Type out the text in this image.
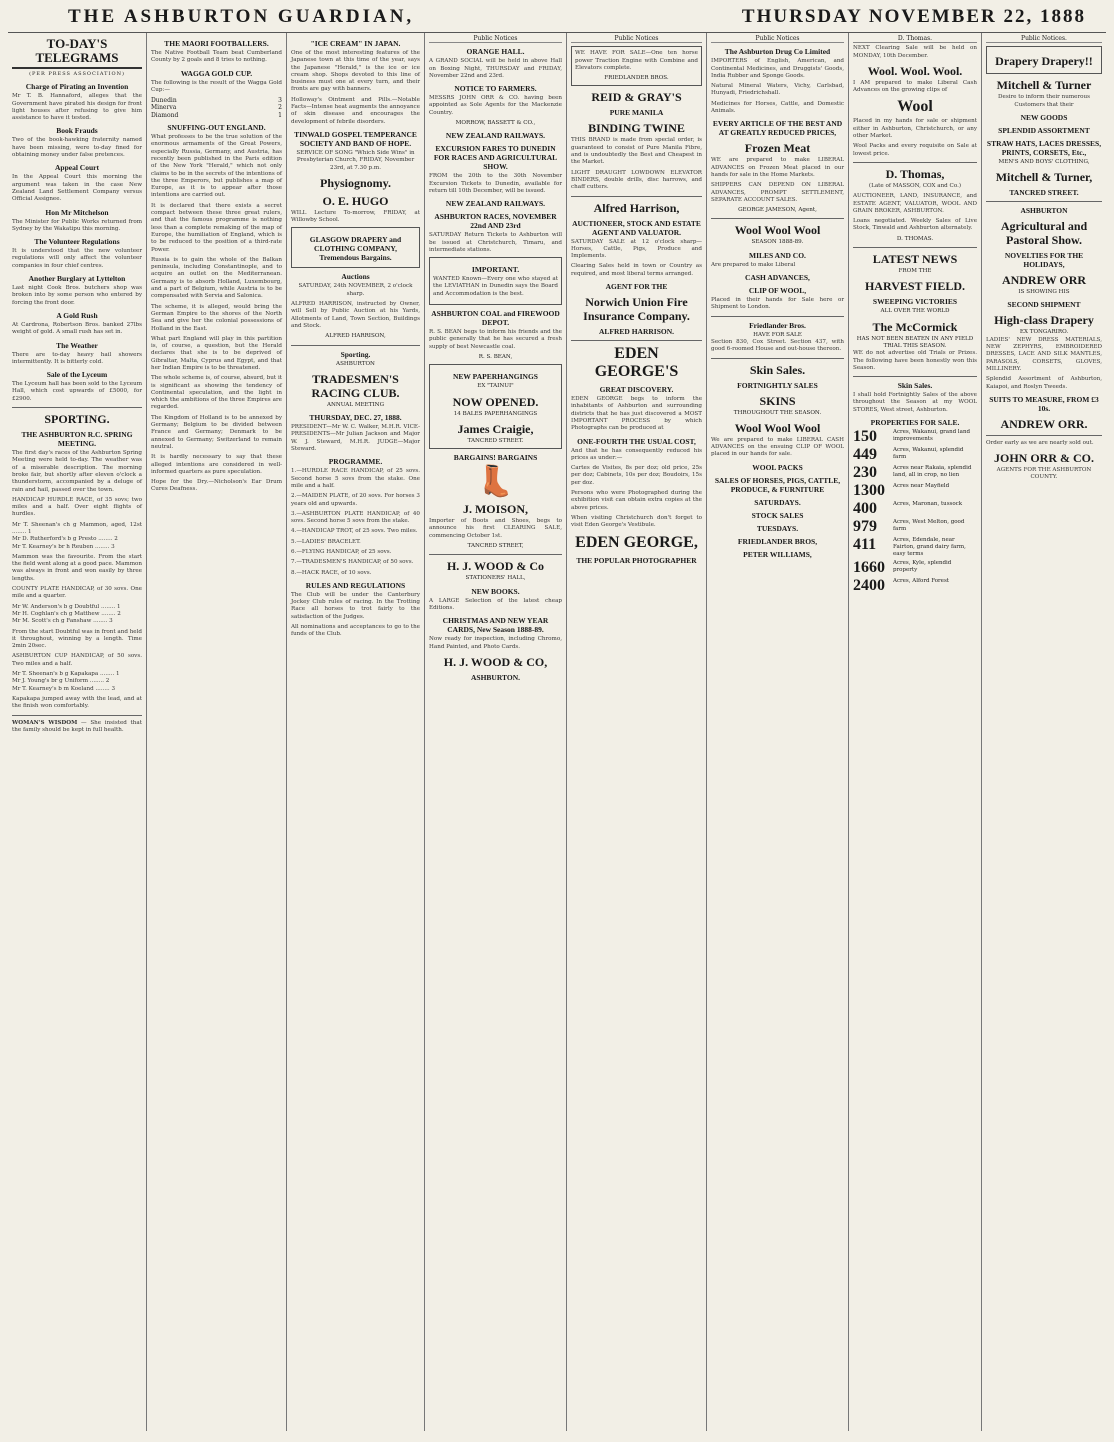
THE ASHBURTON GUARDIAN,	THURSDAY NOVEMBER 22, 1888
TO-DAY'S TELEGRAMS
(PER PRESS ASSOCIATION)
Charge of Pirating an Invention

Mr T. B. Hannaford, alleges that the Government have pirated his design for front light houses after refusing to give him assistance to have it tested.

Book Frauds

Two of the book-hawking fraternity named have been missing, were to-day fined for obtaining money under false pretences.

Appeal Court

In the Appeal Court this morning the argument was taken in the case New Zealand Land Settlement Company versus Official Assignee.

Hon Mr Mitchelson

The Minister for Public Works returned from Sydney by the Wakatipu this morning.

The Volunteer Regulations

It is understood that the new volunteer regulations will only affect the volunteer companies in four chief centres.

Another Burglary at Lyttelton

Last night Cook Bros. butchers shop was broken into by some person who entered by forcing the front door.

A Gold Rush

At Cardrona, Robertson Bros. banked 27lbs weight of gold. A small rush has set in.

The Weather

There are to-day heavy hail showers intermittently. It is bitterly cold.

Sale of the Lyceum

The Lyceum hall has been sold to the Lyceum Hall, which cost upwards of £5000, for £2900.

SPORTING.
THE ASHBURTON R.C. SPRING MEETING.

The first day's races of the Ashburton Spring Meeting were held to-day. The weather was of a miserable description. The morning broke fair, but shortly after eleven o'clock a thunderstorm, accompanied by a deluge of rain and hail, passed over the town.

HANDICAP HURDLE RACE, of 35 sovs; two miles and a half. Over eight flights of hurdles.

Mr T. Sheenan's ch g Mammon, aged, 12st ........ 1
Mr D. Rutherford's b g Presto ........ 2
Mr T. Kearney's br h Reuben ........ 3

Mammon was the favourite. From the start the field went along at a good pace. Mammon was always in front and won easily by three lengths.

COUNTY PLATE HANDICAP, of 30 sovs. One mile and a quarter.

Mr W. Anderson's b g Doubtful ........ 1
Mr H. Coghlan's ch g Matthew ........ 2
Mr M. Scott's ch g Fanshaw ........ 3

From the start Doubtful was in front and held it throughout, winning by a length. Time 2min 20sec.

ASHBURTON CUP HANDICAP, of 50 sovs. Two miles and a half.

Mr T. Sheenan's b g Kapakapa ........ 1
Mr J. Young's br g Uniform ........ 2
Mr T. Kearney's b m Koeland ........ 3

Kapakapa jumped away with the lead, and at the finish won comfortably.

WOMAN'S WISDOM — She insisted that the family should be kept in full health.

THE MAORI FOOTBALLERS.

The Native Football Team beat Cumberland County by 2 goals and 8 tries to nothing.

WAGGA GOLD CUP.

The following is the result of the Wagga Gold Cup:—

Dunedin	3
Minerva	2
Diamond	1
SNUFFING-OUT ENGLAND.

What professes to be the true solution of the enormous armaments of the Great Powers, especially Russia, Germany, and Austria, has recently been published in the Paris edition of the New York "Herald," which not only claims to be in the secrets of the intentions of the three Emperors, but publishes a map of Europe, as it is to appear after those intentions are carried out.

It is declared that there exists a secret compact between these three great rulers, and that the famous programme is nothing less than a complete remaking of the map of Europe, the humiliation of England, which is to be reduced to the position of a third-rate Power.

Russia is to gain the whole of the Balkan peninsula, including Constantinople, and to acquire an outlet on the Mediterranean. Germany is to absorb Holland, Luxembourg, and a part of Belgium, while Austria is to be compensated with Servia and Salonica.

The scheme, it is alleged, would bring the German Empire to the shores of the North Sea and give her the colonial possessions of Holland in the East.

What part England will play in this partition is, of course, a question, but the Herald declares that she is to be deprived of Gibraltar, Malta, Cyprus and Egypt, and that her Indian Empire is to be threatened.

The whole scheme is, of course, absurd, but it is significant as showing the tendency of Continental speculation, and the light in which the ambitions of the three Empires are regarded.

The Kingdom of Holland is to be annexed by Germany; Belgium to be divided between France and Germany; Denmark to be annexed to Germany; Switzerland to remain neutral.

It is hardly necessary to say that these alleged intentions are considered in well-informed quarters as pure speculation.

Hope for the Dry.—Nicholson's Ear Drum Cures Deafness.

"ICE CREAM" IN JAPAN.

One of the most interesting features of the Japanese town at this time of the year, says the Japanese "Herald," is the ice or ice cream shop. Shops devoted to this line of business must one at every turn, and their fronts are gay with banners.

Holloway's Ointment and Pills.—Notable Facts—Intense heat augments the annoyance of skin disease and encourages the development of febrile disorders.

TINWALD GOSPEL TEMPERANCE SOCIETY AND BAND OF HOPE.

SERVICE OF SONG "Which Side Wins" in Presbyterian Church, FRIDAY, November 23rd, at 7.30 p.m.

Physiognomy.
O. E. HUGO

WILL Lecture To-morrow, FRIDAY, at Willowby School.

GLASGOW DRAPERY and CLOTHING COMPANY, Tremendous Bargains.
Auctions

SATURDAY, 24th NOVEMBER, 2 o'clock sharp.

ALFRED HARRISON, instructed by Owner, will Sell by Public Auction at his Yards, Allotments of Land, Town Section, Buildings and Stock.

ALFRED HARRISON,

Sporting.
ASHBURTON
TRADESMEN'S RACING CLUB.
ANNUAL MEETING
THURSDAY, DEC. 27, 1888.

PRESIDENT—Mr W. C. Walker, M.H.R. VICE-PRESIDENTS—Mr Julian Jackson and Major W. J. Steward, M.H.R. JUDGE—Major Steward.

PROGRAMME.

1.—HURDLE RACE HANDICAP, of 25 sovs. Second horse 5 sovs from the stake. One mile and a half.

2.—MAIDEN PLATE, of 20 sovs. For horses 3 years old and upwards.

3.—ASHBURTON PLATE HANDICAP, of 40 sovs. Second horse 5 sovs from the stake.

4.—HANDICAP TROT, of 25 sovs. Two miles.

5.—LADIES' BRACELET.

6.—FLYING HANDICAP, of 25 sovs.

7.—TRADESMEN'S HANDICAP, of 50 sovs.

8.—HACK RACE, of 10 sovs.

RULES AND REGULATIONS

The Club will be under the Canterbury Jockey Club rules of racing. In the Trotting Race all horses to trot fairly to the satisfaction of the Judges.

All nominations and acceptances to go to the funds of the Club.

Public Notices
ORANGE HALL.

A GRAND SOCIAL will be held in above Hall on Boxing Night, THURSDAY and FRIDAY, November 22nd and 23rd.

NOTICE TO FARMERS.

MESSRS JOHN ORR & CO. having been appointed as Sole Agents for the Mackenzie Country.

MORROW, BASSETT & CO.,

NEW ZEALAND RAILWAYS.
EXCURSION FARES TO DUNEDIN FOR RACES AND AGRICULTURAL SHOW.

FROM the 20th to the 30th November Excursion Tickets to Dunedin, available for return till 10th December, will be issued.

NEW ZEALAND RAILWAYS.
ASHBURTON RACES, NOVEMBER 22nd AND 23rd

SATURDAY Return Tickets to Ashburton will be issued at Christchurch, Timaru, and intermediate stations.

IMPORTANT.

WANTED Known—Every one who stayed at the LEVIATHAN in Dunedin says the Board and Accommodation is the best.

ASHBURTON COAL and FIREWOOD DEPOT.

R. S. BEAN begs to inform his friends and the public generally that he has secured a fresh supply of best Newcastle coal.

R. S. BEAN,

NEW PAPERHANGINGS
EX "TAINUI"
NOW OPENED.
14 BALES PAPERHANGINGS
James Craigie,
TANCRED STREET.
BARGAINS! BARGAINS
👢
J. MOISON,

Importer of Boots and Shoes, begs to announce his first CLEARING SALE, commencing October 1st.

TANCRED STREET,
H. J. WOOD & Co
STATIONERS' HALL,
NEW BOOKS.

A LARGE Selection of the latest cheap Editions.

CHRISTMAS AND NEW YEAR CARDS, New Season 1888-89.

Now ready for inspection, including Chromo, Hand Painted, and Photo Cards.

H. J. WOOD & CO,
ASHBURTON.
Public Notices

WE HAVE FOR SALE—One ten horse power Traction Engine with Combine and Elevators complete.

FRIEDLANDER BROS.
REID & GRAY'S
PURE MANILA
BINDING TWINE

THIS BRAND is made from special order, is guaranteed to consist of Pure Manila Fibre, and is undoubtedly the Best and Cheapest in the Market.

LIGHT DRAUGHT LOWDOWN ELEVATOR BINDERS, double drills, disc harrows, and chaff cutters.

Alfred Harrison,
AUCTIONEER, STOCK AND ESTATE AGENT AND VALUATOR.

SATURDAY SALE at 12 o'clock sharp—Horses, Cattle, Pigs, Produce and Implements.

Clearing Sales held in town or Country as required, and most liberal terms arranged.

AGENT FOR THE
Norwich Union Fire Insurance Company.
ALFRED HARRISON.
EDEN GEORGE'S
GREAT DISCOVERY.

EDEN GEORGE begs to inform the inhabitants of Ashburton and surrounding districts that he has just discovered a MOST IMPORTANT PROCESS by which Photographs can be produced at

ONE-FOURTH THE USUAL COST,

And that he has consequently reduced his prices as under:—

Cartes de Visites, 8s per doz; old price, 25s per doz; Cabinets, 10s per doz; Boudoirs, 15s per doz.

Persons who were Photographed during the exhibition visit can obtain extra copies at the above prices.

When visiting Christchurch don't forget to visit Eden George's Vestibule.

EDEN GEORGE,
THE POPULAR PHOTOGRAPHER
Public Notices
The Ashburton Drug Co Limited

IMPORTERS of English, American, and Continental Medicines, and Druggists' Goods, India Rubber and Sponge Goods.

Natural Mineral Waters, Vichy, Carlsbad, Hunyadi, Friedrichshall.

Medicines for Horses, Cattle, and Domestic Animals.

EVERY ARTICLE OF THE BEST AND AT GREATLY REDUCED PRICES,
Frozen Meat

WE are prepared to make LIBERAL ADVANCES on Frozen Meat placed in our hands for sale in the Home Markets.

SHIPPERS CAN DEPEND ON LIBERAL ADVANCES, PROMPT SETTLEMENT, SEPARATE ACCOUNT SALES.

GEORGE JAMESON, Agent,
Wool Wool Wool
SEASON 1888-89.
MILES AND CO.

Are prepared to make Liberal

CASH ADVANCES,
CLIP OF WOOL,

Placed in their hands for Sale here or Shipment to London.

Friedlander Bros.
HAVE FOR SALE

Section 830, Cox Street. Section 437, with good 6-roomed House and out-house thereon.

Skin Sales.
FORTNIGHTLY SALES
SKINS
THROUGHOUT THE SEASON.
Wool Wool Wool

We are prepared to make LIBERAL CASH ADVANCES on the ensuing CLIP OF WOOL placed in our hands for sale.

WOOL PACKS
SALES OF HORSES, PIGS, CATTLE, PRODUCE, & FURNITURE
SATURDAYS.
STOCK SALES
TUESDAYS.
FRIEDLANDER BROS,
PETER WILLIAMS,
D. Thomas.

NEXT Clearing Sale will be held on MONDAY, 10th December.

Wool. Wool. Wool.

I AM prepared to make Liberal Cash Advances on the growing clips of

Wool

Placed in my hands for sale or shipment either in Ashburton, Christchurch, or any other Market.

Wool Packs and every requisite on Sale at lowest price.

D. Thomas,

(Late of MASSON, COX and Co.)

AUCTIONEER, LAND, INSURANCE, and ESTATE AGENT, VALUATOR, WOOL AND GRAIN BROKER, ASHBURTON.

Loans negotiated. Weekly Sales of Live Stock, Tinwald and Ashburton alternately.

D. THOMAS.
LATEST NEWS
FROM THE
HARVEST FIELD.
SWEEPING VICTORIES
ALL OVER THE WORLD
The McCormick
HAS NOT BEEN BEATEN IN ANY FIELD TRIAL THIS SEASON.

WE do not advertise old Trials or Prizes. The following have been honestly won this Season.

Skin Sales.

I shall hold Fortnightly Sales of the above throughout the Season at my WOOL STORES, West street, Ashburton.

PROPERTIES FOR SALE.
150	Acres, Wakanui, grand land improvements
449	Acres, Wakanui, splendid farm
230	Acres near Rakaia, splendid land, all in crop, no lien
1300	Acres near Mayfield
400	Acres, Maronan, tussock
979	Acres, West Melton, good farm
411	Acres, Edendale, near Fairton, grand dairy farm, easy terms
1660	Acres, Kyle, splendid property
2400	Acres, Alford Forest
Public Notices.
Drapery Drapery!!
Mitchell & Turner

Desire to inform their numerous Customers that their

NEW GOODS
SPLENDID ASSORTMENT
STRAW HATS, LACES DRESSES, PRINTS, CORSETS, Etc.,
MEN'S AND BOYS' CLOTHING,
Mitchell & Turner,
TANCRED STREET.
ASHBURTON
Agricultural and Pastoral Show.
NOVELTIES FOR THE HOLIDAYS,
ANDREW ORR
IS SHOWING HIS
SECOND SHIPMENT
High-class Drapery
EX TONGARIRO.

LADIES' NEW DRESS MATERIALS, NEW ZEPHYRS, EMBROIDERED DRESSES, LACE AND SILK MANTLES, PARASOLS, CORSETS, GLOVES, MILLINERY.

Splendid Assortment of Ashburton, Kaiapoi, and Roslyn Tweeds.

SUITS TO MEASURE, FROM £3 10s.
ANDREW ORR.

Order early as we are nearly sold out.

JOHN ORR & CO.

AGENTS FOR THE ASHBURTON COUNTY.
